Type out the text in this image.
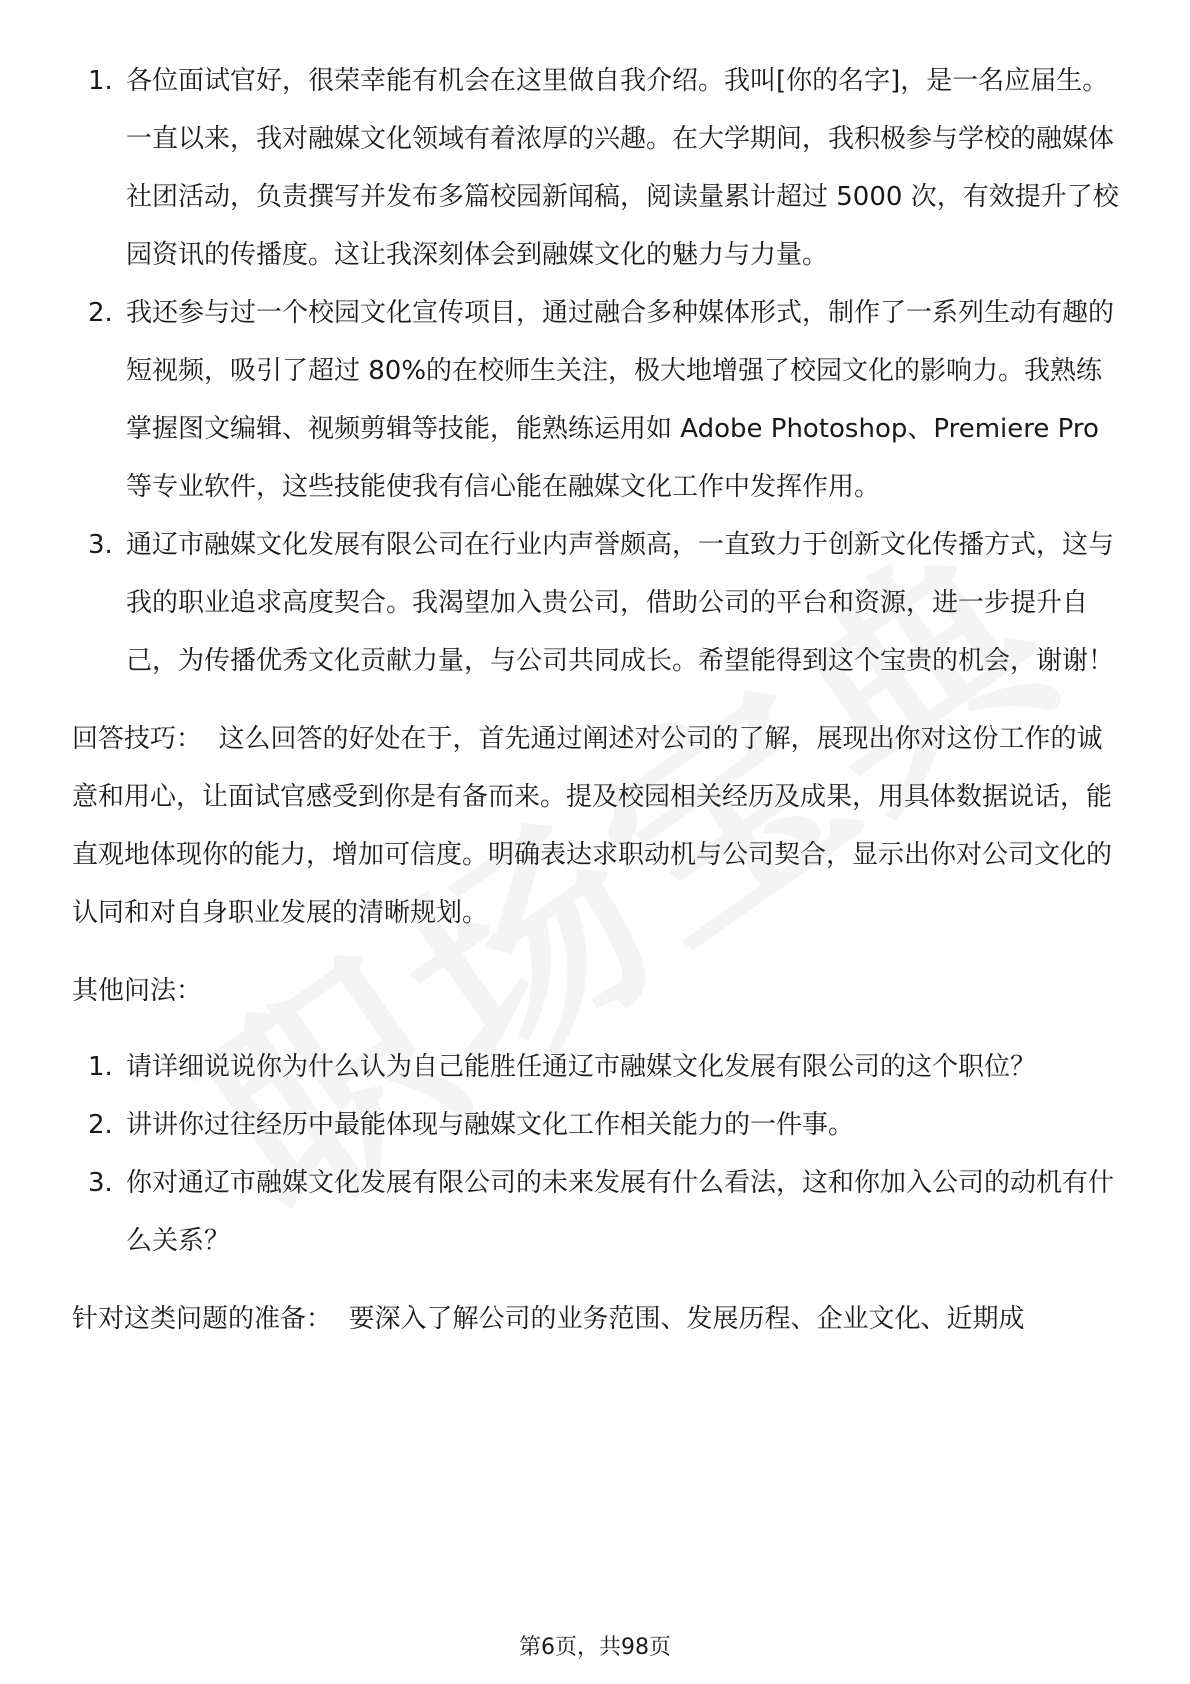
1. 各位面试官好，很荣幸能有机会在这里做自我介绍。我叫[你的名字]，是一名应届生。一直以来，我对融媒文化领域有着浓厚的兴趣。在大学期间，我积极参与学校的融媒体社团活动，负责撰写并发布多篇校园新闻稿，阅读量累计超过 5000 次，有效提升了校园资讯的传播度。这让我深刻体会到融媒文化的魅力与力量。
2. 我还参与过一个校园文化宣传项目，通过融合多种媒体形式，制作了一系列生动有趣的短视频，吸引了超过 80%的在校师生关注，极大地增强了校园文化的影响力。我熟练掌握图文编辑、视频剪辑等技能，能熟练运用如 Adobe Photoshop、Premiere Pro 等专业软件，这些技能使我有信心能在融媒文化工作中发挥作用。
3. 通辽市融媒文化发展有限公司在行业内声誉颇高，一直致力于创新文化传播方式，这与我的职业追求高度契合。我渴望加入贵公司，借助公司的平台和资源，进一步提升自己，为传播优秀文化贡献力量，与公司共同成长。希望能得到这个宝贵的机会，谢谢！

回答技巧： 这么回答的好处在于，首先通过阐述对公司的了解，展现出你对这份工作的诚意和用心，让面试官感受到你是有备而来。提及校园相关经历及成果，用具体数据说话，能直观地体现你的能力，增加可信度。明确表达求职动机与公司契合，显示出你对公司文化的认同和对自身职业发展的清晰规划。

其他问法：

1. 请详细说说你为什么认为自己能胜任通辽市融媒文化发展有限公司的这个职位？
2. 讲讲你过往经历中最能体现与融媒文化工作相关能力的一件事。
3. 你对通辽市融媒文化发展有限公司的未来发展有什么看法，这和你加入公司的动机有什么关系？

针对这类问题的准备： 要深入了解公司的业务范围、发展历程、企业文化、近期成

第6页，共98页
